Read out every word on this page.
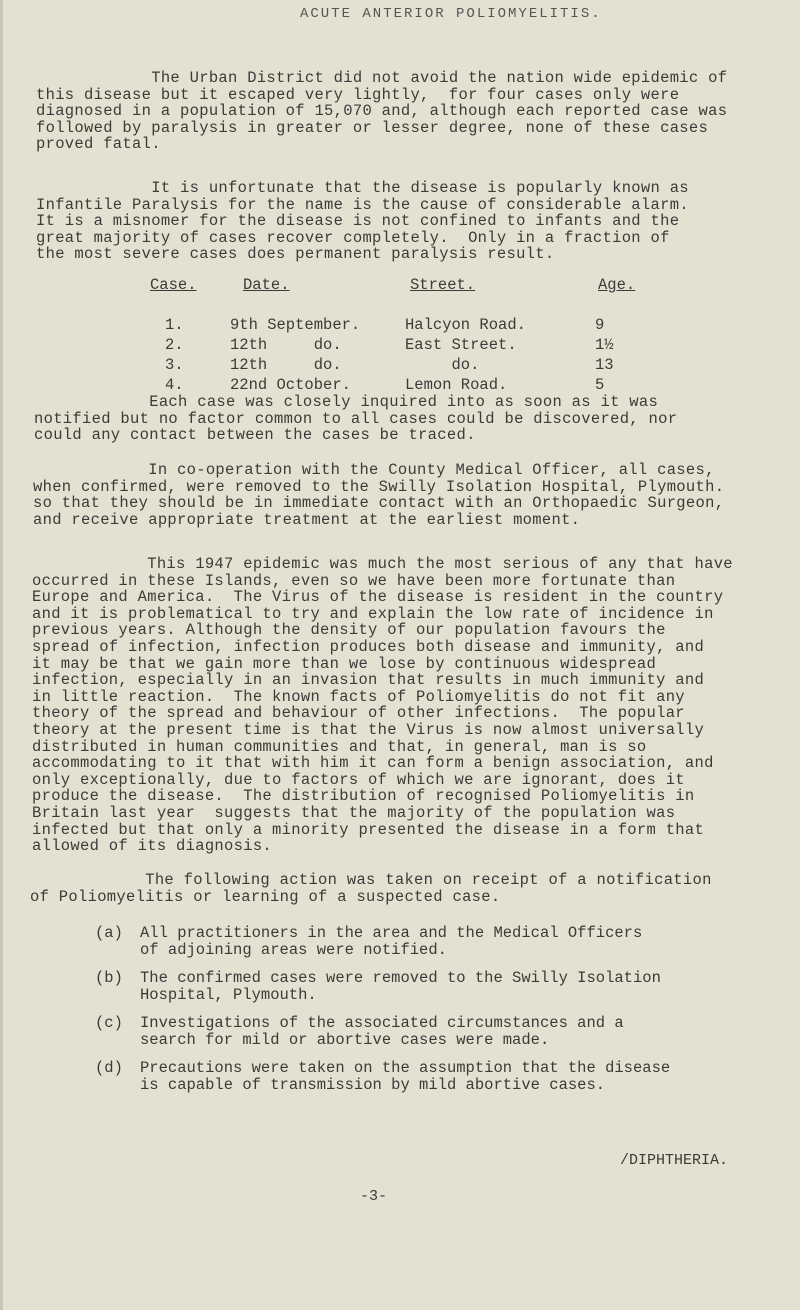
ACUTE ANTERIOR POLIOMYELITIS.
The Urban District did not avoid the nation wide epidemic of
this disease but it escaped very lightly,  for four cases only were
diagnosed in a population of 15,070 and, although each reported case was
followed by paralysis in greater or lesser degree, none of these cases
proved fatal.
It is unfortunate that the disease is popularly known as
Infantile Paralysis for the name is the cause of considerable alarm.
It is a misnomer for the disease is not confined to infants and the
great majority of cases recover completely.  Only in a fraction of
the most severe cases does permanent paralysis result.
Case.	Date.	Street.	Age.
1.	9th September.	Halcyon Road.	9
2.	12th     do.	East Street.	1½
3.	12th     do.	do.	13
4.	22nd October.	Lemon Road.	5
Each case was closely inquired into as soon as it was
notified but no factor common to all cases could be discovered, nor
could any contact between the cases be traced.
In co-operation with the County Medical Officer, all cases,
when confirmed, were removed to the Swilly Isolation Hospital, Plymouth.
so that they should be in immediate contact with an Orthopaedic Surgeon,
and receive appropriate treatment at the earliest moment.
This 1947 epidemic was much the most serious of any that have
occurred in these Islands, even so we have been more fortunate than
Europe and America.  The Virus of the disease is resident in the country
and it is problematical to try and explain the low rate of incidence in
previous years. Although the density of our population favours the
spread of infection, infection produces both disease and immunity, and
it may be that we gain more than we lose by continuous widespread
infection, especially in an invasion that results in much immunity and
in little reaction.  The known facts of Poliomyelitis do not fit any
theory of the spread and behaviour of other infections.  The popular
theory at the present time is that the Virus is now almost universally
distributed in human communities and that, in general, man is so
accommodating to it that with him it can form a benign association, and
only exceptionally, due to factors of which we are ignorant, does it
produce the disease.  The distribution of recognised Poliomyelitis in
Britain last year  suggests that the majority of the population was
infected but that only a minority presented the disease in a form that
allowed of its diagnosis.
The following action was taken on receipt of a notification
of Poliomyelitis or learning of a suspected case.
(a) All practitioners in the area and the Medical Officers
of adjoining areas were notified.
(b) The confirmed cases were removed to the Swilly Isolation
Hospital, Plymouth.
(c) Investigations of the associated circumstances and a
search for mild or abortive cases were made.
(d) Precautions were taken on the assumption that the disease
is capable of transmission by mild abortive cases.
/DIPHTHERIA.
-3-
